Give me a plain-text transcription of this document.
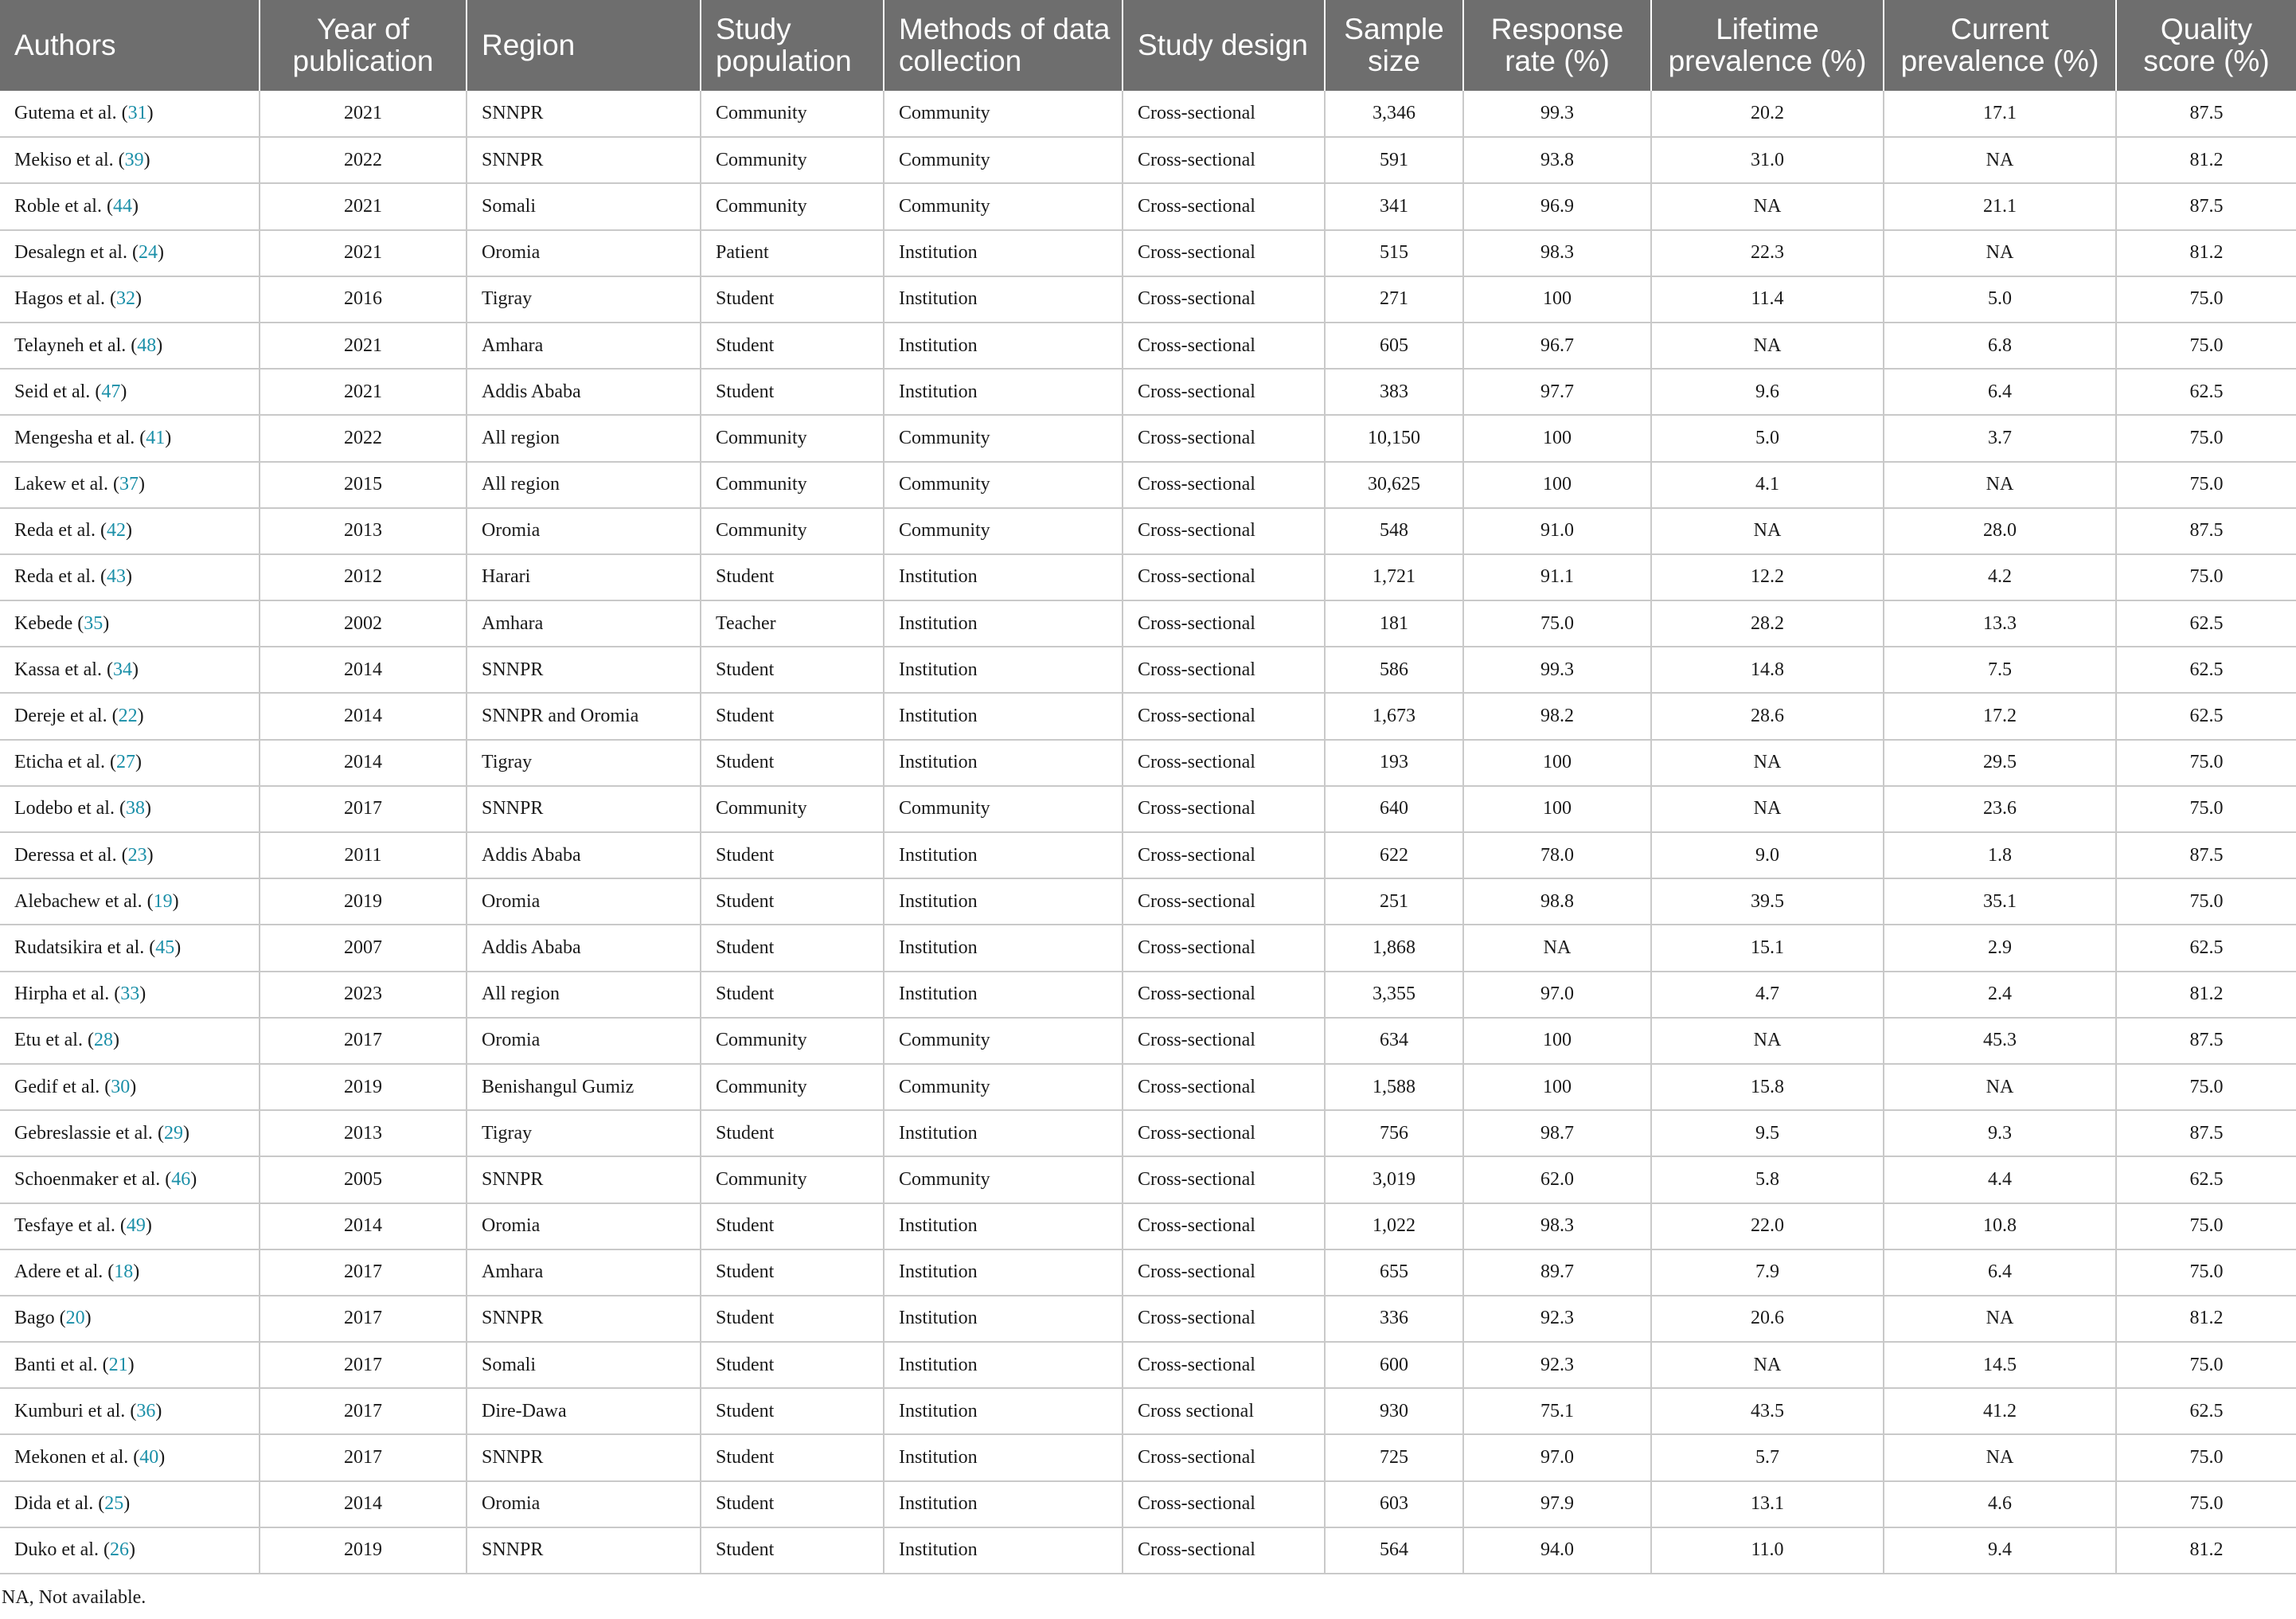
Authors	Year of publication	Region	Study population	Methods of data collection	Study design	Sample size	Response rate (%)	Lifetime prevalence (%)	Current prevalence (%)	Quality score (%)
Gutema et al. (31)	2021	SNNPR	Community	Community	Cross-sectional	3,346	99.3	20.2	17.1	87.5
Mekiso et al. (39)	2022	SNNPR	Community	Community	Cross-sectional	591	93.8	31.0	NA	81.2
Roble et al. (44)	2021	Somali	Community	Community	Cross-sectional	341	96.9	NA	21.1	87.5
Desalegn et al. (24)	2021	Oromia	Patient	Institution	Cross-sectional	515	98.3	22.3	NA	81.2
Hagos et al. (32)	2016	Tigray	Student	Institution	Cross-sectional	271	100	11.4	5.0	75.0
Telayneh et al. (48)	2021	Amhara	Student	Institution	Cross-sectional	605	96.7	NA	6.8	75.0
Seid et al. (47)	2021	Addis Ababa	Student	Institution	Cross-sectional	383	97.7	9.6	6.4	62.5
Mengesha et al. (41)	2022	All region	Community	Community	Cross-sectional	10,150	100	5.0	3.7	75.0
Lakew et al. (37)	2015	All region	Community	Community	Cross-sectional	30,625	100	4.1	NA	75.0
Reda et al. (42)	2013	Oromia	Community	Community	Cross-sectional	548	91.0	NA	28.0	87.5
Reda et al. (43)	2012	Harari	Student	Institution	Cross-sectional	1,721	91.1	12.2	4.2	75.0
Kebede (35)	2002	Amhara	Teacher	Institution	Cross-sectional	181	75.0	28.2	13.3	62.5
Kassa et al. (34)	2014	SNNPR	Student	Institution	Cross-sectional	586	99.3	14.8	7.5	62.5
Dereje et al. (22)	2014	SNNPR and Oromia	Student	Institution	Cross-sectional	1,673	98.2	28.6	17.2	62.5
Eticha et al. (27)	2014	Tigray	Student	Institution	Cross-sectional	193	100	NA	29.5	75.0
Lodebo et al. (38)	2017	SNNPR	Community	Community	Cross-sectional	640	100	NA	23.6	75.0
Deressa et al. (23)	2011	Addis Ababa	Student	Institution	Cross-sectional	622	78.0	9.0	1.8	87.5
Alebachew et al. (19)	2019	Oromia	Student	Institution	Cross-sectional	251	98.8	39.5	35.1	75.0
Rudatsikira et al. (45)	2007	Addis Ababa	Student	Institution	Cross-sectional	1,868	NA	15.1	2.9	62.5
Hirpha et al. (33)	2023	All region	Student	Institution	Cross-sectional	3,355	97.0	4.7	2.4	81.2
Etu et al. (28)	2017	Oromia	Community	Community	Cross-sectional	634	100	NA	45.3	87.5
Gedif et al. (30)	2019	Benishangul Gumiz	Community	Community	Cross-sectional	1,588	100	15.8	NA	75.0
Gebreslassie et al. (29)	2013	Tigray	Student	Institution	Cross-sectional	756	98.7	9.5	9.3	87.5
Schoenmaker et al. (46)	2005	SNNPR	Community	Community	Cross-sectional	3,019	62.0	5.8	4.4	62.5
Tesfaye et al. (49)	2014	Oromia	Student	Institution	Cross-sectional	1,022	98.3	22.0	10.8	75.0
Adere et al. (18)	2017	Amhara	Student	Institution	Cross-sectional	655	89.7	7.9	6.4	75.0
Bago (20)	2017	SNNPR	Student	Institution	Cross-sectional	336	92.3	20.6	NA	81.2
Banti et al. (21)	2017	Somali	Student	Institution	Cross-sectional	600	92.3	NA	14.5	75.0
Kumburi et al. (36)	2017	Dire-Dawa	Student	Institution	Cross sectional	930	75.1	43.5	41.2	62.5
Mekonen et al. (40)	2017	SNNPR	Student	Institution	Cross-sectional	725	97.0	5.7	NA	75.0
Dida et al. (25)	2014	Oromia	Student	Institution	Cross-sectional	603	97.9	13.1	4.6	75.0
Duko et al. (26)	2019	SNNPR	Student	Institution	Cross-sectional	564	94.0	11.0	9.4	81.2
NA, Not available.
